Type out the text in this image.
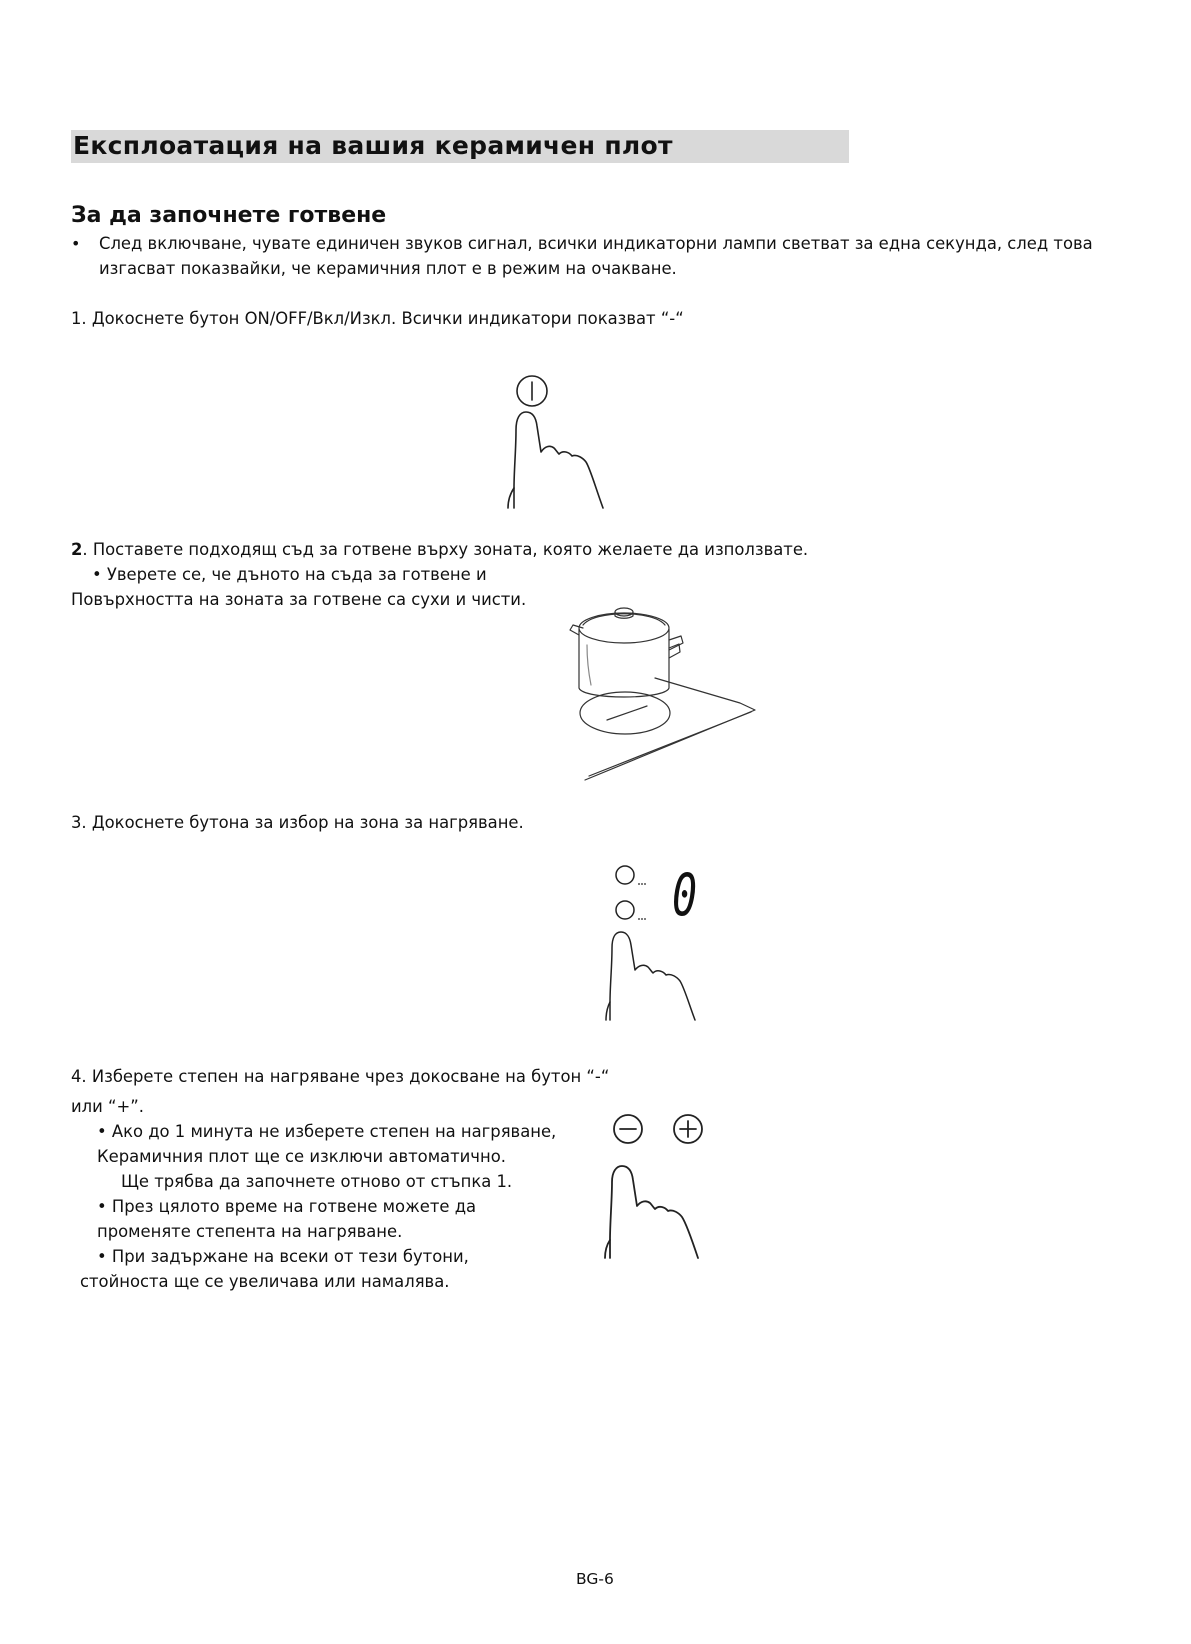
Експлоатация на вашия керамичен плот
За да започнете готвене
• След включване, чувате единичен звуков сигнал, всички индикаторни лампи светват за една секунда, след това
изгасват показвайки, че керамичния плот е в режим на очакване.
1. Докоснете бутон ON/OFF/Вкл/Изкл. Всички индикатори показват “-“
2. Поставете подходящ съд за готвене върху зоната, която желаете да използвате.
• Уверете се, че дъното на съда за готвене и
Повърхността на зоната за готвене са сухи и чисти.
3. Докоснете бутона за избор на зона за нагряване.
0
4. Изберете степен на нагряване чрез докосване на бутон “-“
или “+”.
• Ако до 1 минута не изберете степен на нагряване,
Керамичния плот ще се изключи автоматично.
Ще трябва да започнете отново от стъпка 1.
• През цялото време на готвене можете да
променяте степента на нагряване.
• При задържане на всеки от тези бутони,
стойноста ще се увеличава или намалява.
BG-6
